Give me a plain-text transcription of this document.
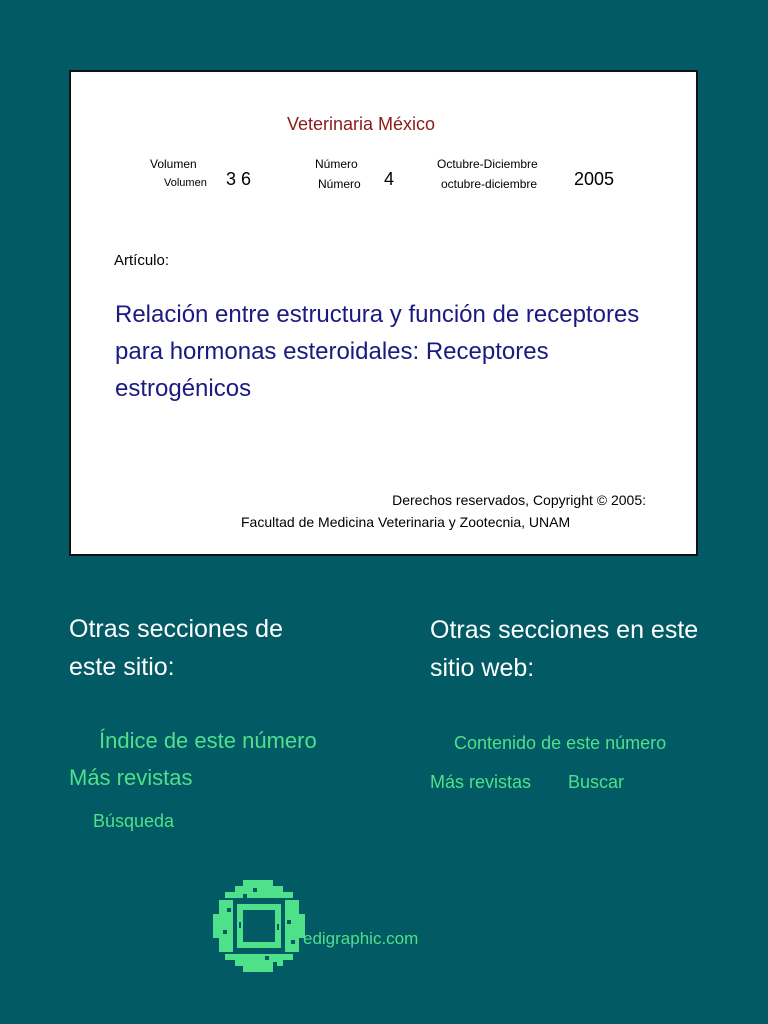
Veterinaria México
Volumen
Volumen 3 6
Número
Número 4
Octubre-Diciembre
octubre-diciembre 2005
Artículo:
Relación entre estructura y función de receptores para hormonas esteroidales: Receptores estrogénicos
Derechos reservados, Copyright © 2005:
Facultad de Medicina Veterinaria y Zootecnia, UNAM
Otras secciones de este sitio:
Índice de este número
Más revistas
Búsqueda
Otras secciones en este sitio web:
Contenido de este número
Más revistas Buscar
edigraphic.com
